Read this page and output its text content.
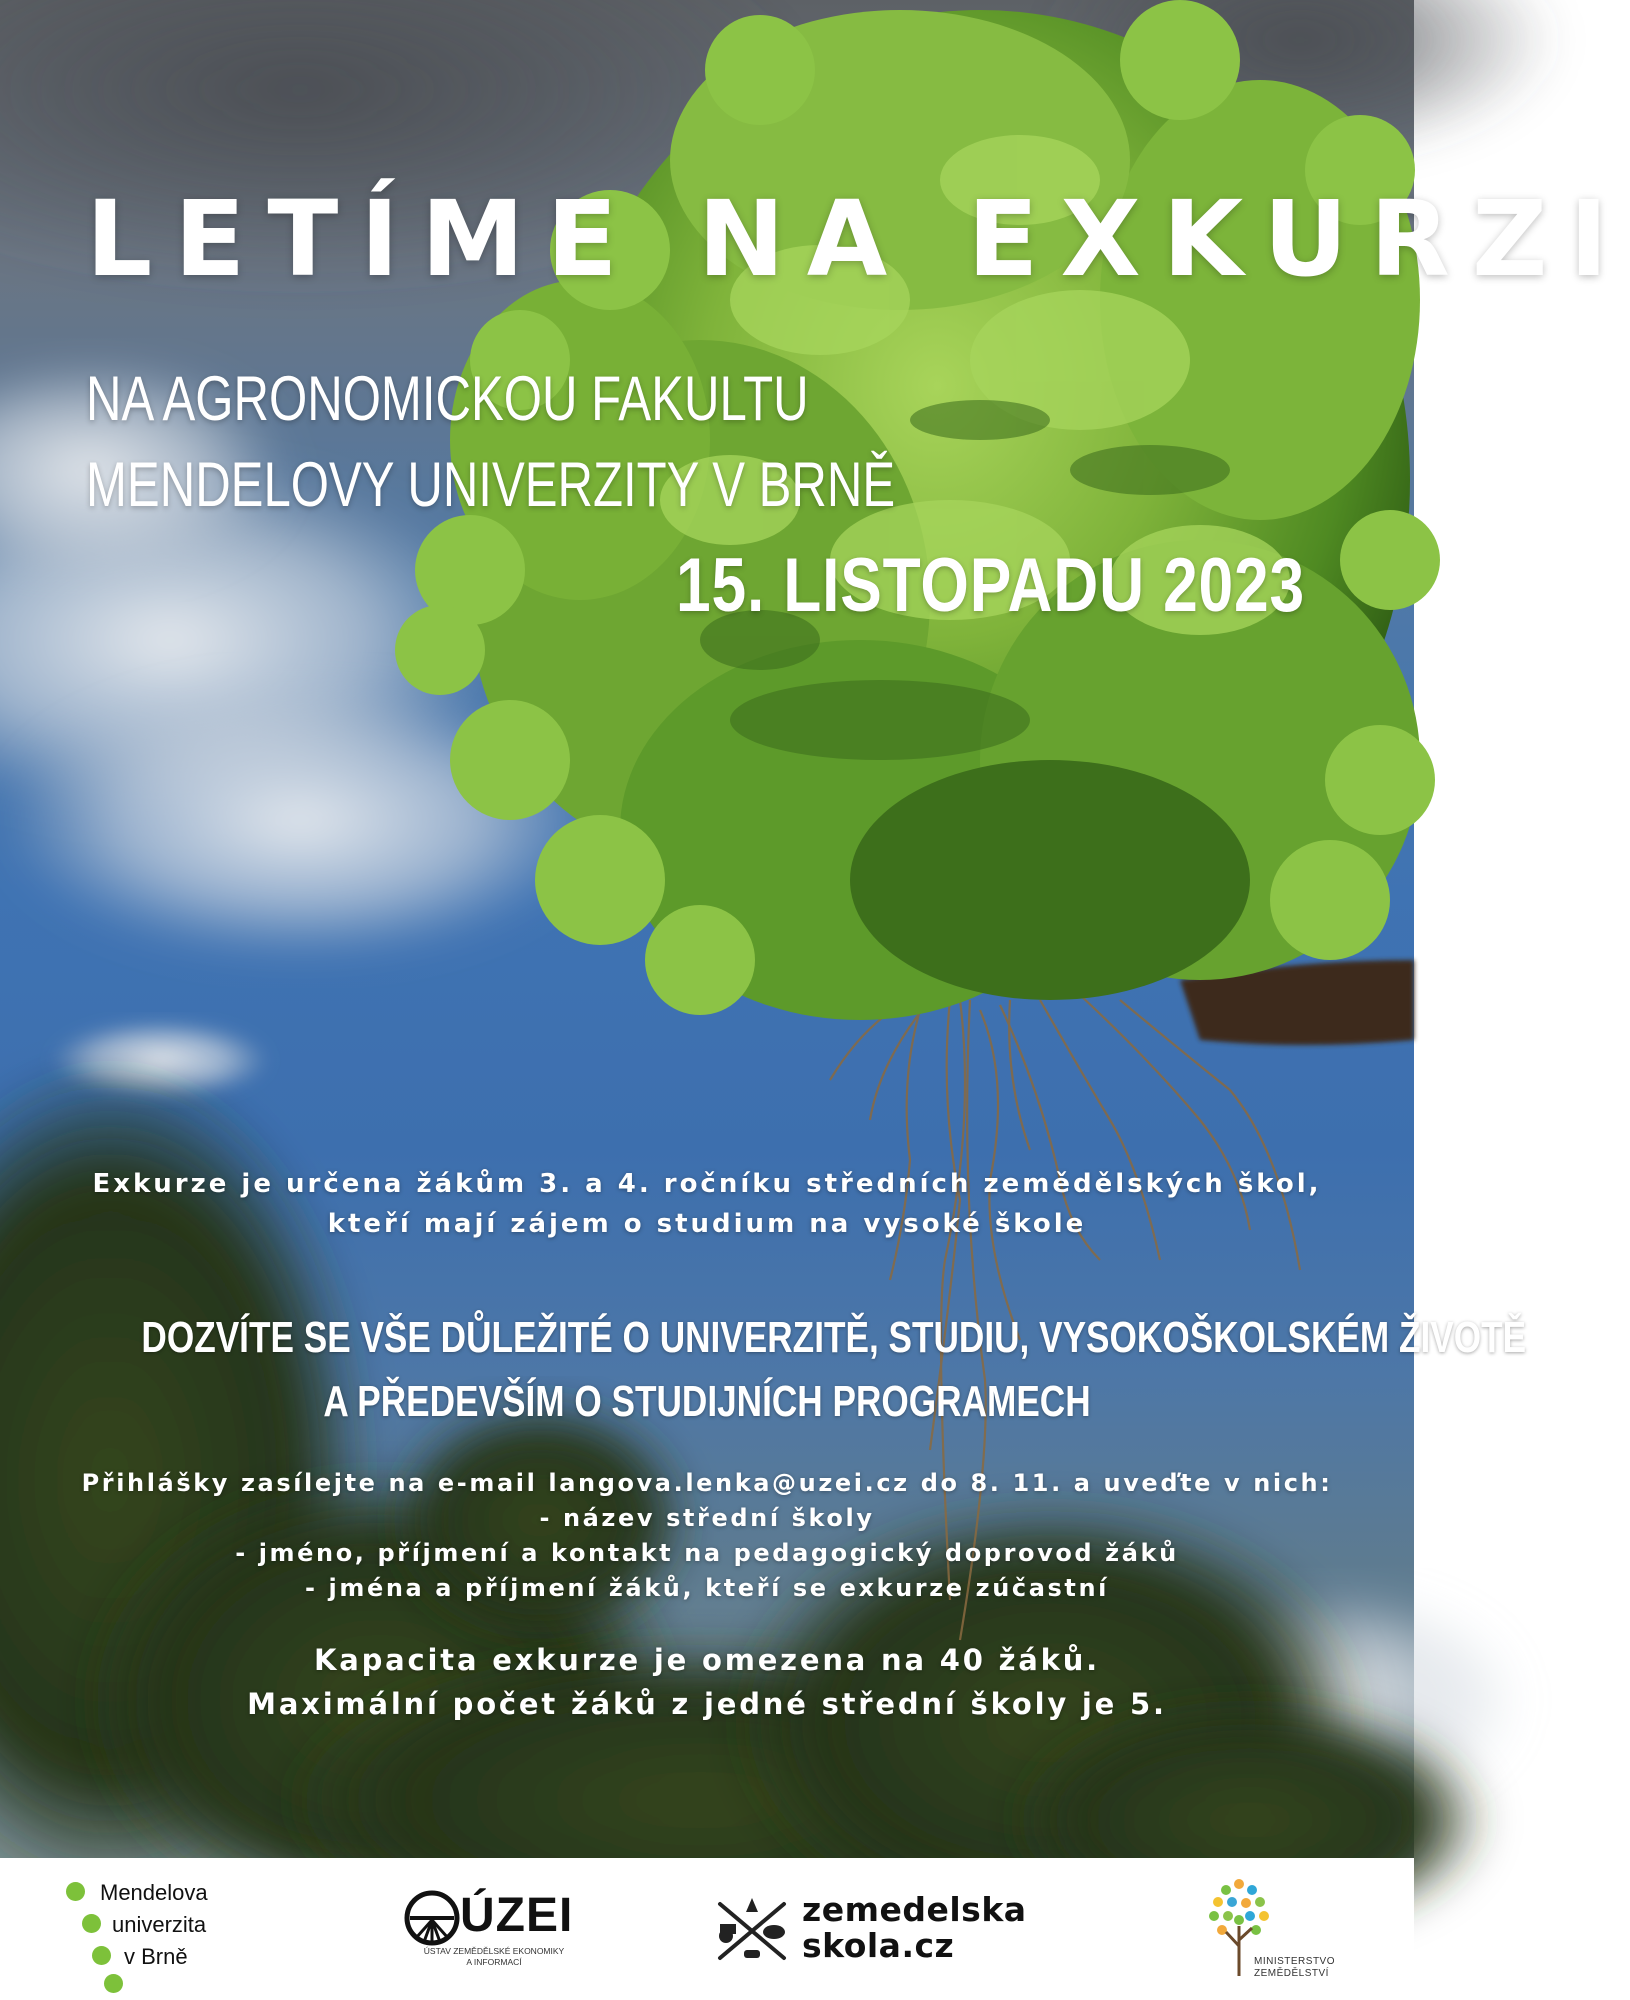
LETÍME NA EXKURZI
NA AGRONOMICKOU FAKULTU
MENDELOVY UNIVERZITY V BRNĚ
15. LISTOPADU 2023
Exkurze je určena žákům 3. a 4. ročníku středních zemědělských škol,
kteří mají zájem o studium na vysoké škole
DOZVÍTE SE VŠE DŮLEŽITÉ O UNIVERZITĚ, STUDIU, VYSOKOŠKOLSKÉM ŽIVOTĚ
A PŘEDEVŠÍM O STUDIJNÍCH PROGRAMECH
Přihlášky zasílejte na e-mail langova.lenka@uzei.cz do 8. 11. a uveďte v nich:
- název střední školy
- jméno, příjmení a kontakt na pedagogický doprovod žáků
- jména a příjmení žáků, kteří se exkurze zúčastní
Kapacita exkurze je omezena na 40 žáků.
Maximální počet žáků z jedné střední školy je 5.
Mendelova
univerzita
v Brně
ÚZEI
ÚSTAV ZEMĚDĚLSKÉ EKONOMIKY
A INFORMACÍ
zemedelska
skola.cz	MINISTERSTVO
ZEMĚDĚLSTVÍ
